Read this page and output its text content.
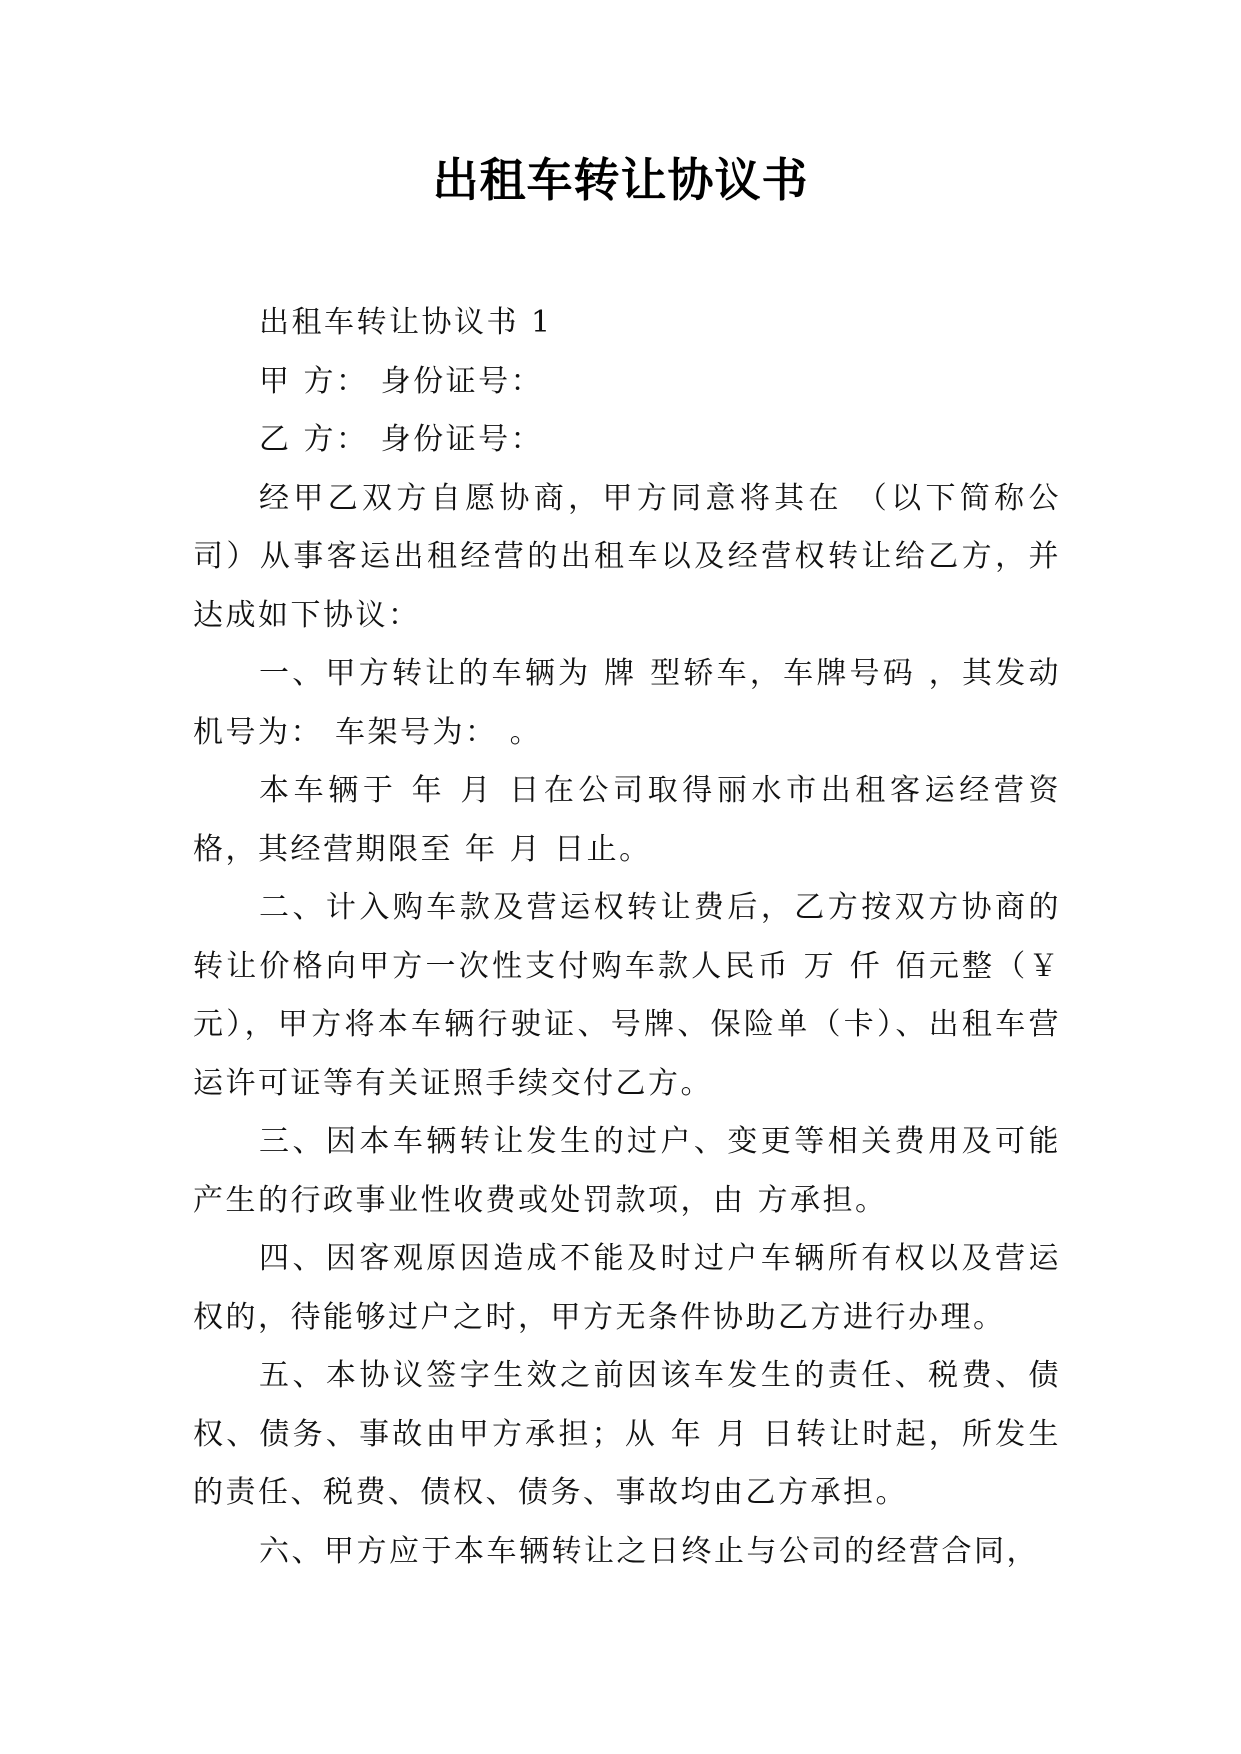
出租车转让协议书

出租车转让协议书 1

甲 方： 身份证号：

乙 方： 身份证号：

经甲乙双方自愿协商，甲方同意将其在 （以下简称公司）从事客运出租经营的出租车以及经营权转让给乙方，并达成如下协议：

一、甲方转让的车辆为 牌 型轿车，车牌号码 ，其发动机号为： 车架号为： 。

本车辆于 年 月 日在公司取得丽水市出租客运经营资格，其经营期限至 年 月 日止。

二、计入购车款及营运权转让费后，乙方按双方协商的转让价格向甲方一次性支付购车款人民币 万 仟 佰元整（￥ 元），甲方将本车辆行驶证、号牌、保险单（卡）、出租车营运许可证等有关证照手续交付乙方。

三、因本车辆转让发生的过户、变更等相关费用及可能产生的行政事业性收费或处罚款项，由 方承担。

四、因客观原因造成不能及时过户车辆所有权以及营运权的，待能够过户之时，甲方无条件协助乙方进行办理。

五、本协议签字生效之前因该车发生的责任、税费、债权、债务、事故由甲方承担；从 年 月 日转让时起，所发生的责任、税费、债权、债务、事故均由乙方承担。

六、甲方应于本车辆转让之日终止与公司的经营合同，
